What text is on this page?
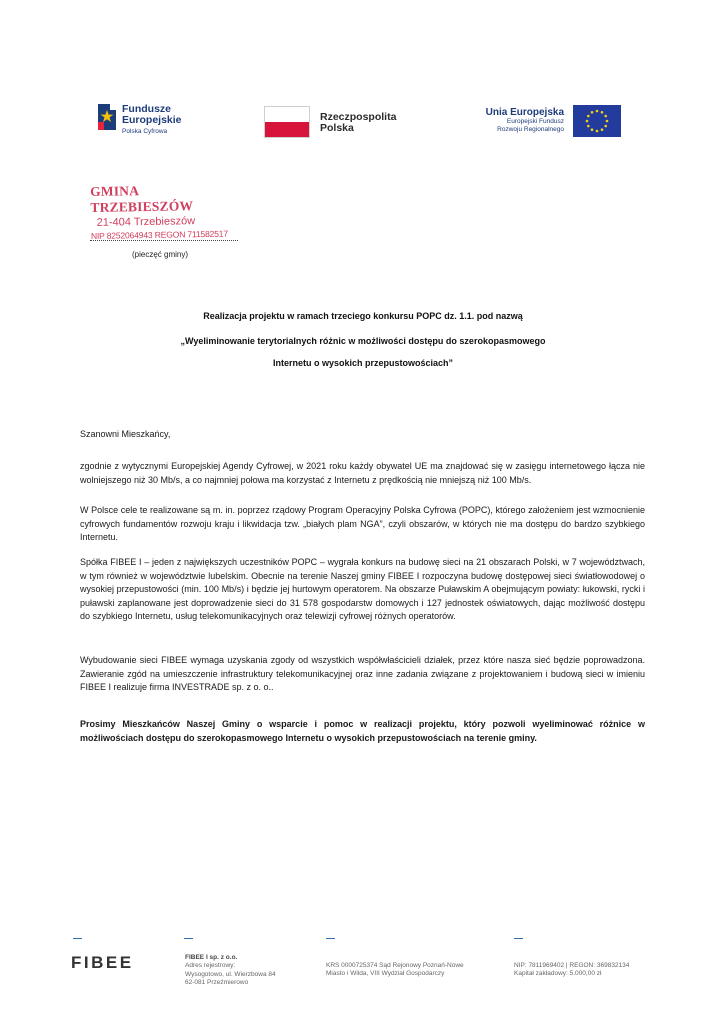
Fundusze
Europejskie
Polska Cyfrowa
Rzeczpospolita
Polska
Unia Europejska
Europejski Fundusz
Rozwoju Regionalnego
GMINA TRZEBIESZÓW
21-404 Trzebieszów
NIP 8252064943 REGON 711582517
(pieczęć gminy)
Realizacja projektu w ramach trzeciego konkursu POPC dz. 1.1. pod nazwą
„Wyeliminowanie terytorialnych różnic w możliwości dostępu do szerokopasmowego
Internetu o wysokich przepustowościach”
Szanowni Mieszkańcy,
zgodnie z wytycznymi Europejskiej Agendy Cyfrowej, w 2021 roku każdy obywatel UE ma znajdować się w zasięgu internetowego łącza nie wolniejszego niż 30 Mb/s, a co najmniej połowa ma korzystać z Internetu z prędkością nie mniejszą niż 100 Mb/s.
W Polsce cele te realizowane są m. in. poprzez rządowy Program Operacyjny Polska Cyfrowa (POPC), którego założeniem jest wzmocnienie cyfrowych fundamentów rozwoju kraju i likwidacja tzw. „białych plam NGA”, czyli obszarów, w których nie ma dostępu do bardzo szybkiego Internetu.
Spółka FIBEE I – jeden z największych uczestników POPC – wygrała konkurs na budowę sieci na 21 obszarach Polski, w 7 województwach, w tym również w województwie lubelskim. Obecnie na terenie Naszej gminy FIBEE I rozpoczyna budowę dostępowej sieci światłowodowej o wysokiej przepustowości (min. 100 Mb/s) i będzie jej hurtowym operatorem. Na obszarze Puławskim A obejmującym powiaty: łukowski, rycki i puławski zaplanowane jest doprowadzenie sieci do 31 578 gospodarstw domowych i 127 jednostek oświatowych, dając możliwość dostępu do szybkiego Internetu, usług telekomunikacyjnych oraz telewizji cyfrowej różnych operatorów.
Wybudowanie sieci FIBEE wymaga uzyskania zgody od wszystkich współwłaścicieli działek, przez które nasza sieć będzie poprowadzona. Zawieranie zgód na umieszczenie infrastruktury telekomunikacyjnej oraz inne zadania związane z projektowaniem i budową sieci w imieniu FIBEE I realizuje firma INVESTRADE sp. z o. o..
Prosimy Mieszkańców Naszej Gminy o wsparcie i pomoc w realizacji projektu, który pozwoli wyeliminować różnice w możliwościach dostępu do szerokopasmowego Internetu o wysokich przepustowościach na terenie gminy.
FIBEE	FIBEE I sp. z o.o.
Adres rejestrowy:
Wysogotowo, ul. Wierzbowa 84
62-081 Przeźmierowo
KRS 0000725374 Sąd Rejonowy Poznań-Nowe
Miasto i Wilda, VIII Wydział Gospodarczy
NIP: 7811969402 | REGON: 369832134
Kapitał zakładowy: 5.000,00 zł
